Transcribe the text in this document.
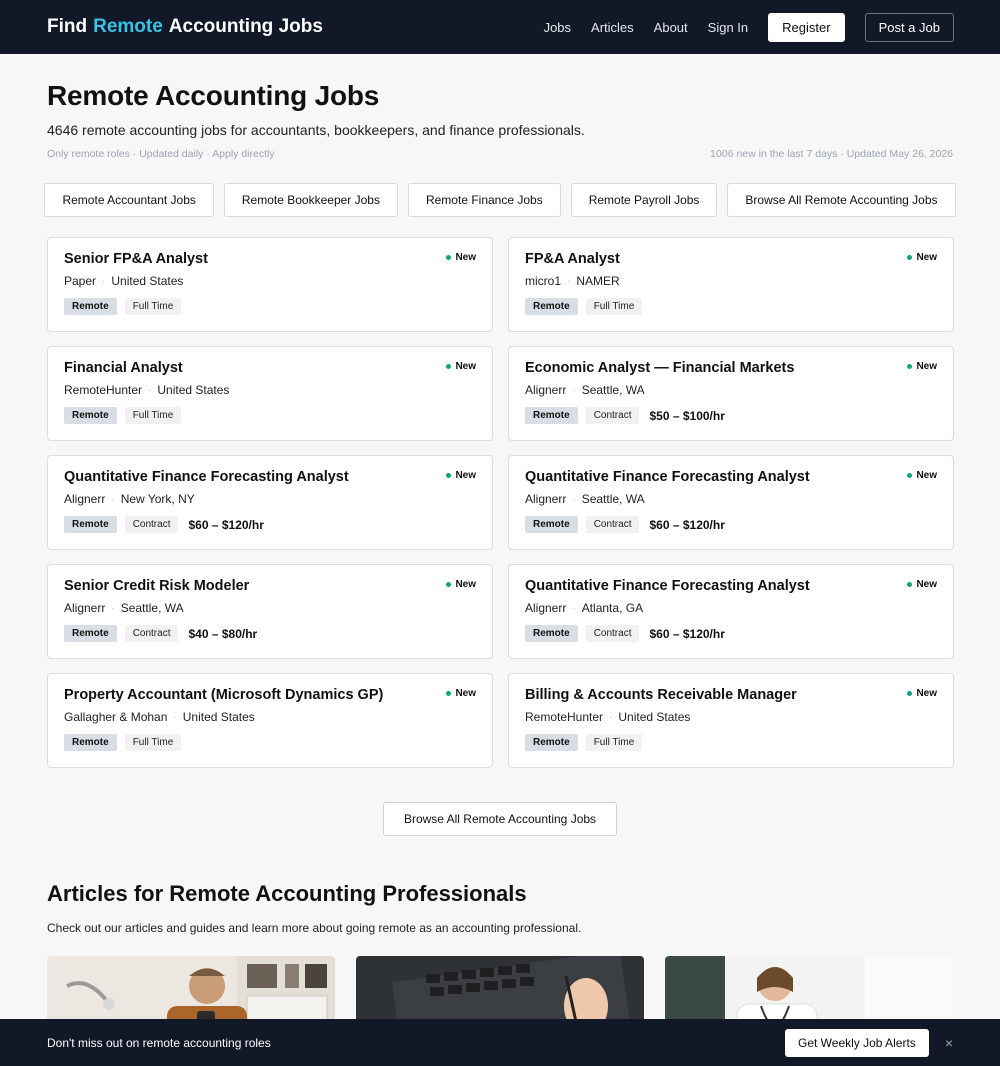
Find Remote Accounting Jobs	Jobs Articles About Sign In	Register	Post a Job
Remote Accounting Jobs

4646 remote accounting jobs for accountants, bookkeepers, and finance professionals.

Only remote roles · Updated daily · Apply directly	1006 new in the last 7 days · Updated May 26, 2026
Remote Accountant Jobs	Remote Bookkeeper Jobs	Remote Finance Jobs	Remote Payroll Jobs	Browse All Remote Accounting Jobs
Senior FP&A Analyst
Paper · United States
Remote	Full Time
New	FP&A Analyst
micro1 · NAMER
Remote	Full Time
New
Financial Analyst
RemoteHunter · United States
Remote	Full Time
New	Economic Analyst — Financial Markets
Alignerr · Seattle, WA
Remote	Contract	$50 – $100/hr
New
Quantitative Finance Forecasting Analyst
Alignerr · New York, NY
Remote	Contract	$60 – $120/hr
New	Quantitative Finance Forecasting Analyst
Alignerr · Seattle, WA
Remote	Contract	$60 – $120/hr
New
Senior Credit Risk Modeler
Alignerr · Seattle, WA
Remote	Contract	$40 – $80/hr
New	Quantitative Finance Forecasting Analyst
Alignerr · Atlanta, GA
Remote	Contract	$60 – $120/hr
New
Property Accountant (Microsoft Dynamics GP)
Gallagher & Mohan · United States
Remote	Full Time
New	Billing & Accounts Receivable Manager
RemoteHunter · United States
Remote	Full Time
New
Browse All Remote Accounting Jobs
Articles for Remote Accounting Professionals

Check out our articles and guides and learn more about going remote as an accounting professional.

Don't miss out on remote accounting roles	Get Weekly Job Alerts	×
